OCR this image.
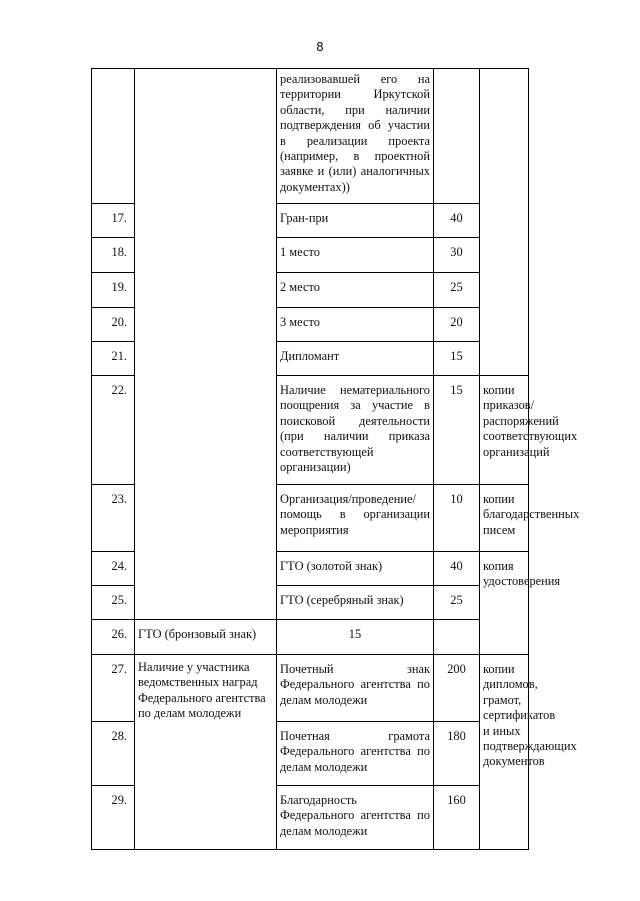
8
		реализовавшей его на территории Иркутской области, при наличии подтверждения об участии в реализации проекта (например, в проектной заявке и (или) аналогичных документах))		
17.		Гран-при	40	
18.		1 место	30	
19.		2 место	25	
20.		3 место	20	
21.		Дипломант	15	
22.		Наличие нематериального поощрения за участие в поисковой деятельности (при наличии приказа соответствующей организации)	15	копии приказов/распоряжений соответствующих организаций
23.		Организация/проведение/ помощь в организации мероприятия	10	копии благодарственных писем
24.		ГТО (золотой знак)	40	копия удостоверения
25.		ГТО (серебряный знак)	25	
26.	ГТО (бронзовый знак)	15		
27.	Наличие у участника ведомственных наград Федерального агентства по делам молодежи	Почетный знак Федерального агентства по делам молодежи	200	копии дипломов, грамот, сертификатов и иных подтверждающих документов
28.		Почетная грамота Федерального агентства по делам молодежи	180	
29.		Благодарность Федерального агентства по делам молодежи	160	
